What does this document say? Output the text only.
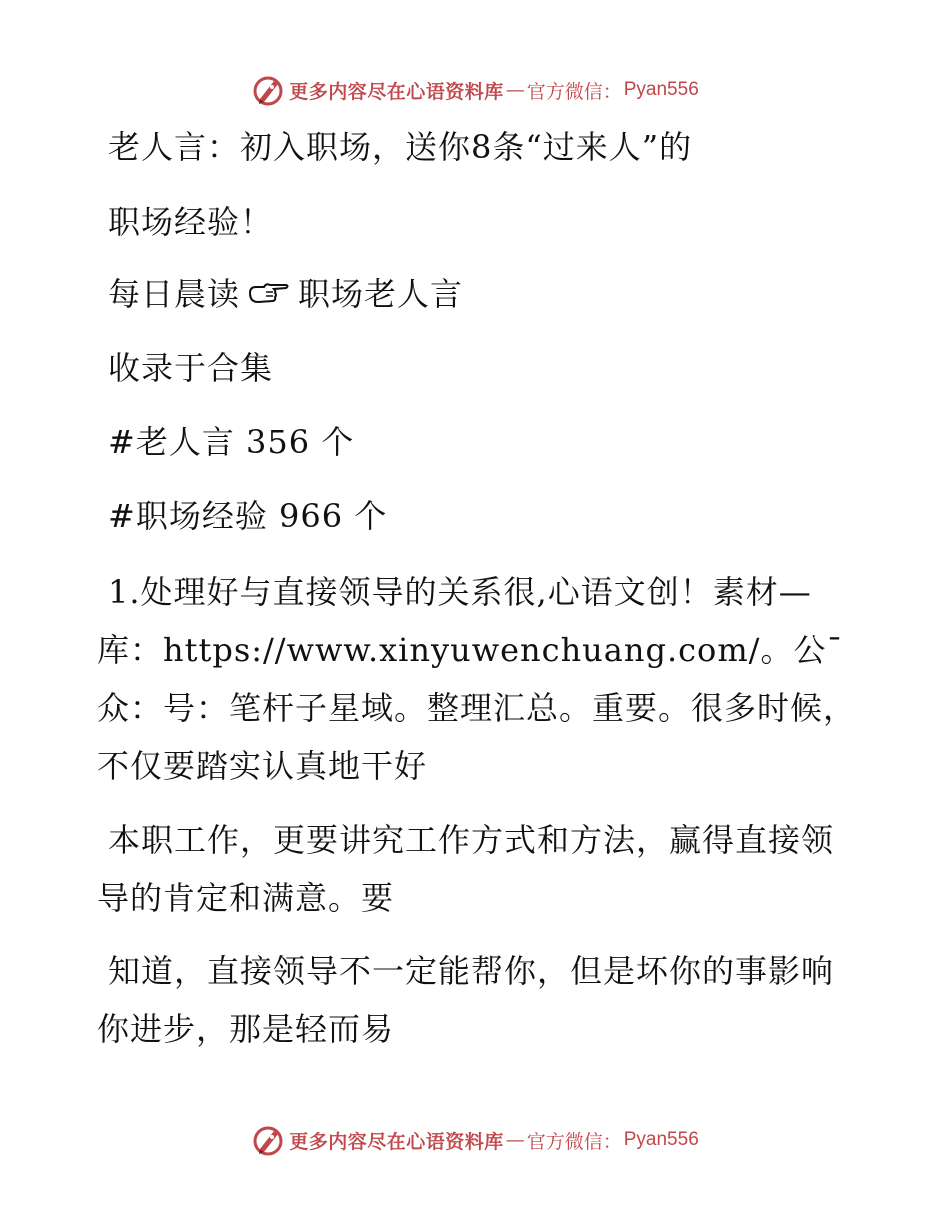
更多内容尽在心语资料库 — 官方微信： Pyan556
老人言：初入职场，送你8条“过来人”的
职场经验！
每日晨读 职场老人言
收录于合集
#老人言 356 个
#职场经验 966 个
1.处理好与直接领导的关系很,心语文创！素材—库：https://www.xinyuwenchuang.com/。公¯众：号：笔杆子星域。整理汇总。重要。很多时候，不仅要踏实认真地干好
本职工作，更要讲究工作方式和方法，赢得直接领导的肯定和满意。要
知道，直接领导不一定能帮你，但是坏你的事影响你进步，那是轻而易
更多内容尽在心语资料库 — 官方微信： Pyan556
